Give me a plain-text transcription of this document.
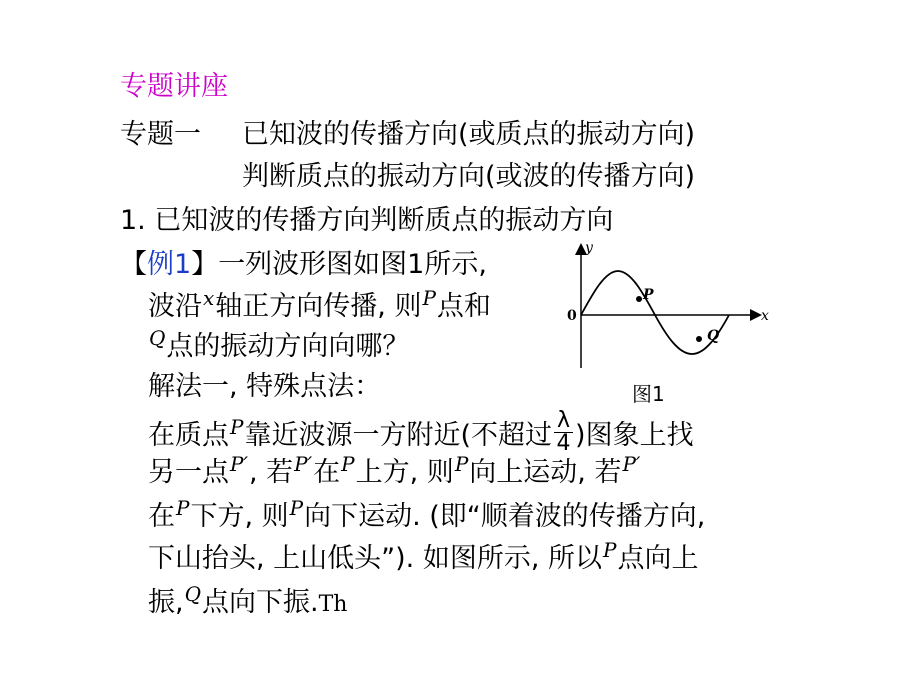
专题讲座
专题一 已知波的传播方向(或质点的振动方向)
判断质点的振动方向(或波的传播方向)
1. 已知波的传播方向判断质点的振动方向
【例1】一列波形图如图1所示,
波沿$^x$轴正方向传播, 则$^P$点和
$^Q$点的振动方向向哪？
y
x
0
P
Q
图1
解法一, 特殊点法：
在质点$^P$靠近波源一方附近(不超过 $\frac{\lambda}{4}$ )图象上找
另一点$^{P'}$, 若$^{P'}$在$^P$上方, 则$^P$向上运动, 若$^{P'}$
在$^P$下方, 则$^P$向下运动. (即“顺着波的传播方向,
下山抬头, 上山低头”). 如图所示, 所以$^P$点向上
振,$^Q$点向下振.Th
